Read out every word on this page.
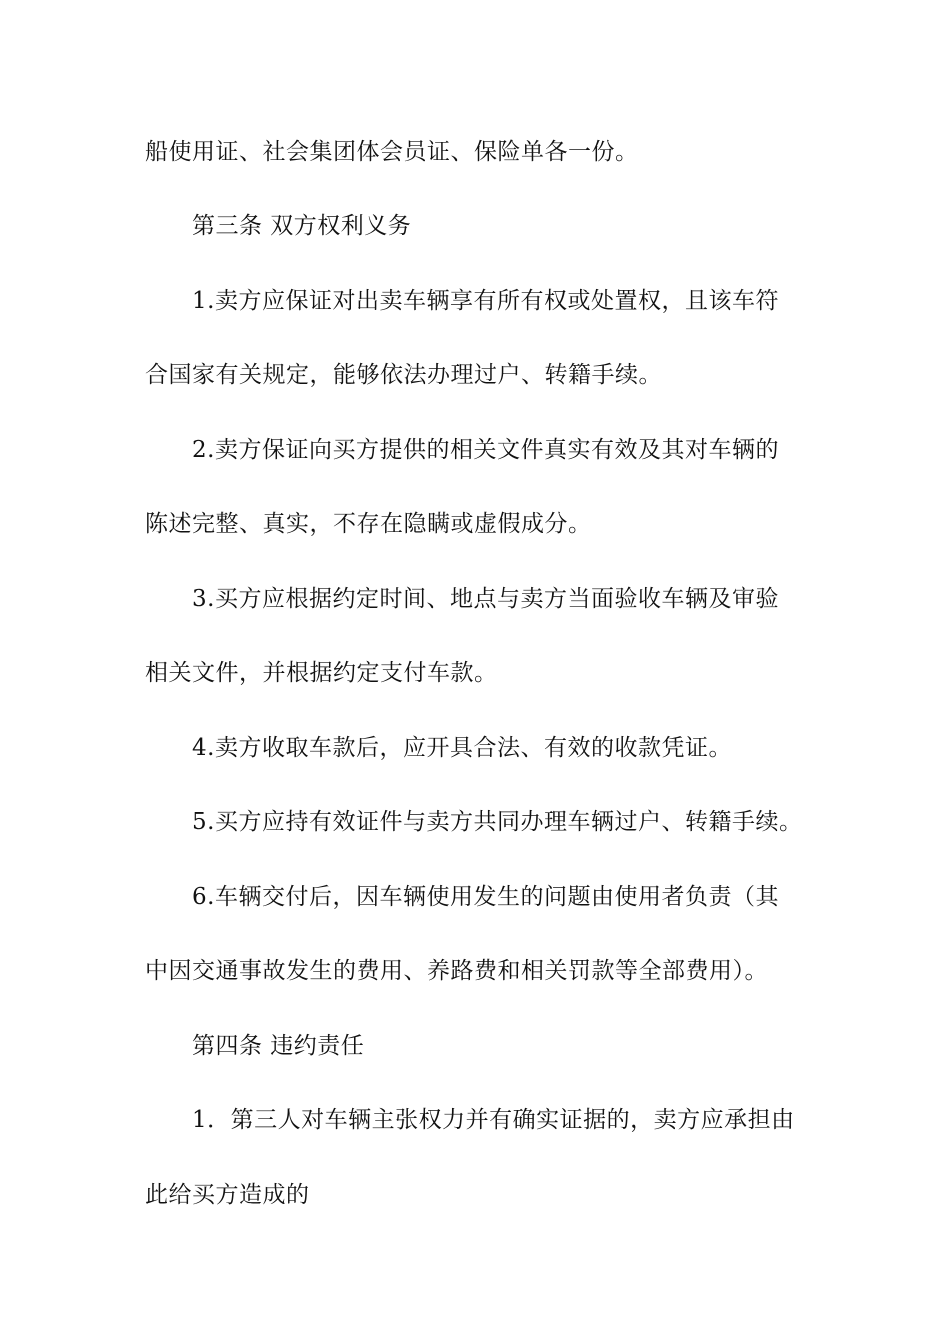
船使用证、社会集团体会员证、保险单各一份。
第三条 双方权利义务
1.卖方应保证对出卖车辆享有所有权或处置权，且该车符
合国家有关规定，能够依法办理过户、转籍手续。
2.卖方保证向买方提供的相关文件真实有效及其对车辆的
陈述完整、真实，不存在隐瞒或虚假成分。
3.买方应根据约定时间、地点与卖方当面验收车辆及审验
相关文件，并根据约定支付车款。
4.卖方收取车款后，应开具合法、有效的收款凭证。
5.买方应持有效证件与卖方共同办理车辆过户、转籍手续。
6.车辆交付后，因车辆使用发生的问题由使用者负责（其
中因交通事故发生的费用、养路费和相关罚款等全部费用）。
第四条 违约责任
1．第三人对车辆主张权力并有确实证据的，卖方应承担由
此给买方造成的
